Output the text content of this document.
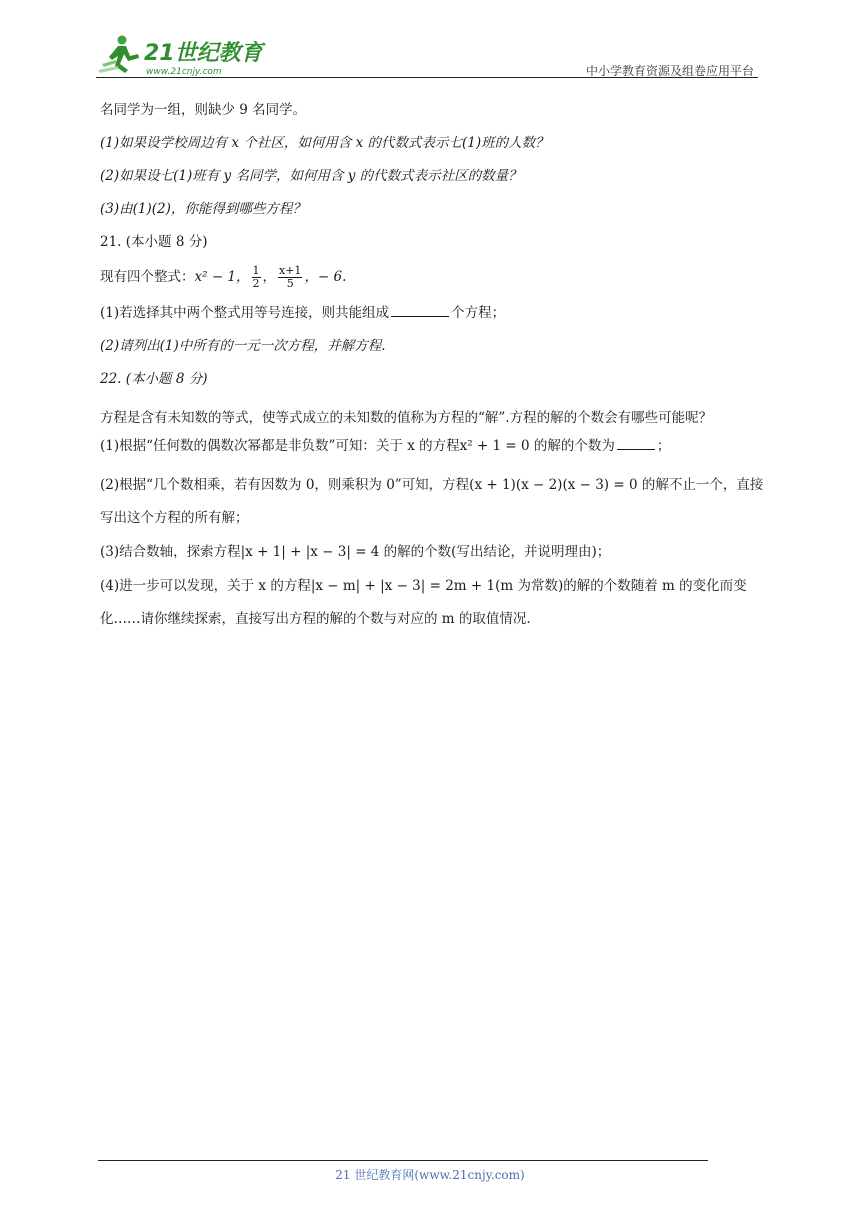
21世纪教育
www.21cnjy.com	中小学教育资源及组卷应用平台
名同学为一组，则缺少 9 名同学。
(1)如果设学校周边有 x 个社区，如何用含 x 的代数式表示七(1)班的人数？
(2)如果设七(1)班有 y 名同学，如何用含 y 的代数式表示社区的数量？
(3)由(1)(2)，你能得到哪些方程？
21. (本小题 8 分)
现有四个整式：x² − 1， $\frac{1}{2}$ ， $\frac{x+1}{5}$ ，− 6.
(1)若选择其中两个整式用等号连接，则共能组成	个方程；
(2)请列出(1)中所有的一元一次方程，并解方程.
22. (本小题 8 分)
方程是含有未知数的等式，使等式成立的未知数的值称为方程的“解”.方程的解的个数会有哪些可能呢？
(1)根据“任何数的偶数次幂都是非负数”可知：关于 x 的方程x² + 1 = 0 的解的个数为	；
(2)根据“几个数相乘，若有因数为 0，则乘积为 0”可知，方程(x + 1)(x − 2)(x − 3) = 0 的解不止一个，直接写出这个方程的所有解；
(3)结合数轴，探索方程|x + 1| + |x − 3| = 4 的解的个数(写出结论，并说明理由)；
(4)进一步可以发现，关于 x 的方程|x − m| + |x − 3| = 2m + 1(m 为常数)的解的个数随着 m 的变化而变化……请你继续探索，直接写出方程的解的个数与对应的 m 的取值情况.
21 世纪教育网(www.21cnjy.com)
